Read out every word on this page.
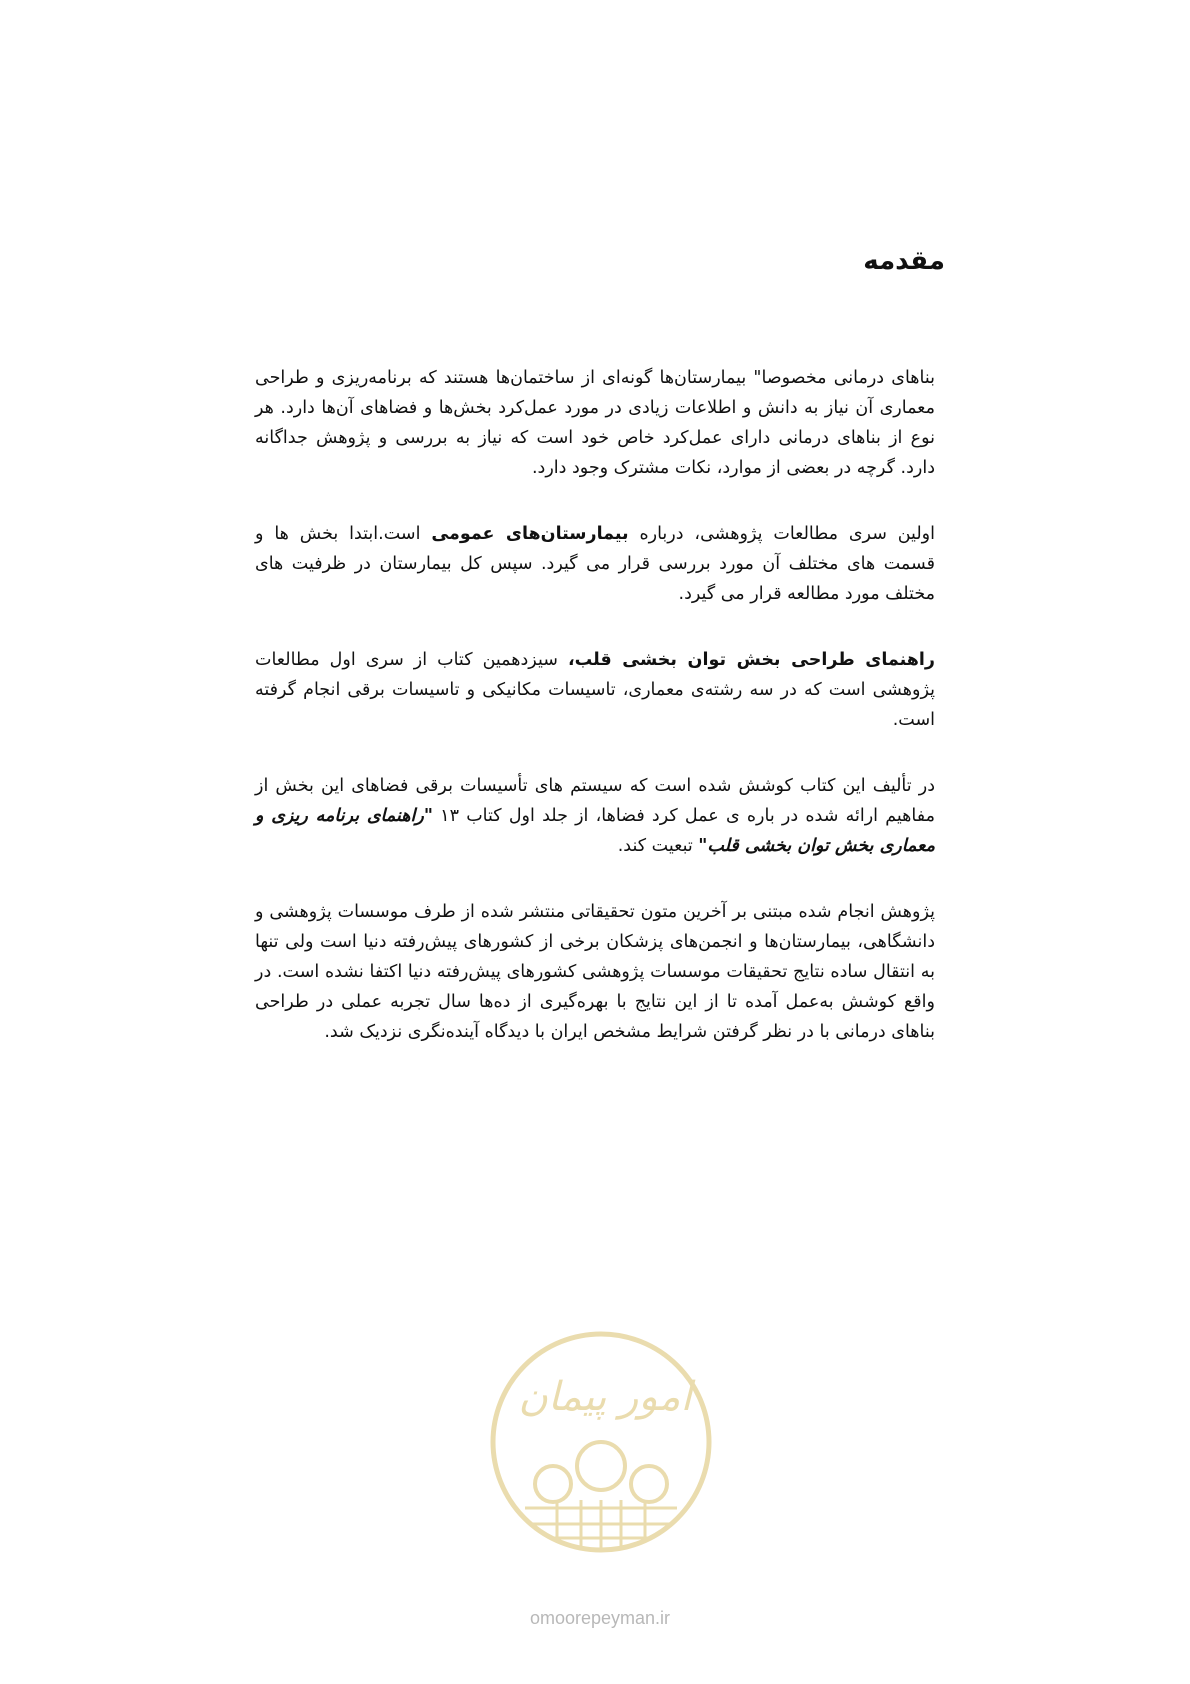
مقدمه

بناهای درمانی مخصوصا" بیمارستان‌ها گونه‌ای از ساختمان‌ها هستند که برنامه‌ریزی و طراحی معماری آن نیاز به دانش و اطلاعات زیادی در مورد عمل‌کرد بخش‌ها و فضاهای آن‌ها دارد. هر نوع از بناهای درمانی دارای عمل‌کرد خاص خود است که نیاز به بررسی و پژوهش جداگانه دارد. گرچه در بعضی از موارد، نکات مشترک وجود دارد.

اولین سری مطالعات پژوهشی، درباره بیمارستان‌های عمومی است.ابتدا بخش ها و قسمت های مختلف آن مورد بررسی قرار می گیرد. سپس کل بیمارستان در ظرفیت های مختلف مورد مطالعه قرار می گیرد.

راهنمای طراحی بخش توان بخشی قلب، سیزدهمین کتاب از سری اول مطالعات پژوهشی است که در سه رشته‌ی معماری، تاسیسات مکانیکی و تاسیسات برقی انجام گرفته است.

در تألیف این کتاب کوشش شده است که سیستم های تأسیسات برقی فضاهای این بخش از مفاهیم ارائه شده در باره ی عمل کرد فضاها، از جلد اول کتاب ۱۳ "راهنمای برنامه ریزی و معماری بخش توان بخشی قلب" تبعیت کند.

پژوهش انجام شده مبتنی بر آخرین متون تحقیقاتی منتشر شده از طرف موسسات پژوهشی و دانشگاهی، بیمارستان‌ها و انجمن‌های پزشکان برخی از کشورهای پیش‌رفته دنیا است ولی تنها به انتقال ساده نتایج تحقیقات موسسات پژوهشی کشورهای پیش‌رفته دنیا اکتفا نشده است. در واقع کوشش به‌عمل آمده تا از این نتایج با بهره‌گیری از ده‌ها سال تجربه عملی در طراحی بناهای درمانی با در نظر گرفتن شرایط مشخص ایران با دیدگاه آینده‌نگری نزدیک شد.

امور پیمان
omoorepeyman.ir
